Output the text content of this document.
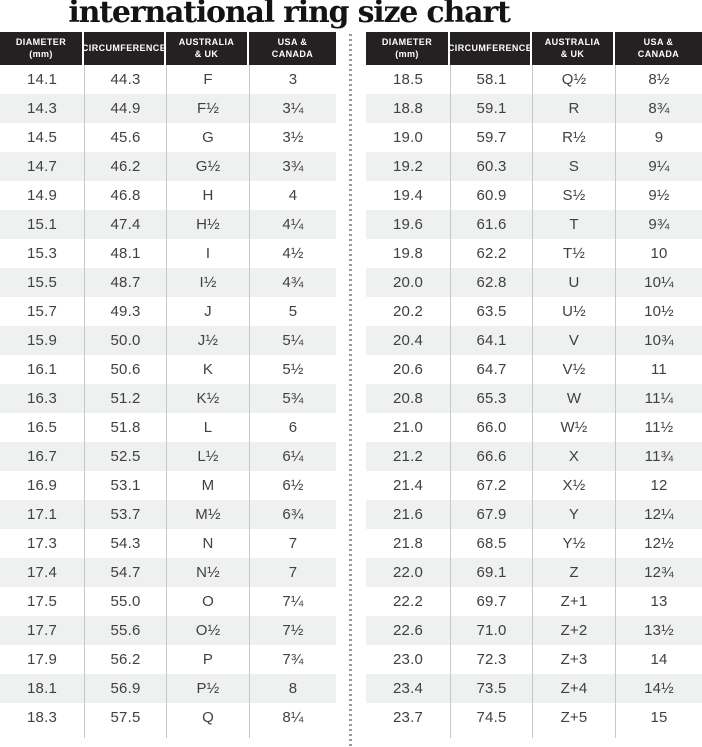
international ring size chart
DIAMETER
(mm)
CIRCUMFERENCE
AUSTRALIA
& UK
USA &
CANADA
14.1	44.3	F	3
14.3	44.9	F½	3¼
14.5	45.6	G	3½
14.7	46.2	G½	3¾
14.9	46.8	H	4
15.1	47.4	H½	4¼
15.3	48.1	I	4½
15.5	48.7	I½	4¾
15.7	49.3	J	5
15.9	50.0	J½	5¼
16.1	50.6	K	5½
16.3	51.2	K½	5¾
16.5	51.8	L	6
16.7	52.5	L½	6¼
16.9	53.1	M	6½
17.1	53.7	M½	6¾
17.3	54.3	N	7
17.4	54.7	N½	7
17.5	55.0	O	7¼
17.7	55.6	O½	7½
17.9	56.2	P	7¾
18.1	56.9	P½	8
18.3	57.5	Q	8¼
DIAMETER
(mm)
CIRCUMFERENCE
AUSTRALIA
& UK
USA &
CANADA
18.5	58.1	Q½	8½
18.8	59.1	R	8¾
19.0	59.7	R½	9
19.2	60.3	S	9¼
19.4	60.9	S½	9½
19.6	61.6	T	9¾
19.8	62.2	T½	10
20.0	62.8	U	10¼
20.2	63.5	U½	10½
20.4	64.1	V	10¾
20.6	64.7	V½	11
20.8	65.3	W	11¼
21.0	66.0	W½	11½
21.2	66.6	X	11¾
21.4	67.2	X½	12
21.6	67.9	Y	12¼
21.8	68.5	Y½	12½
22.0	69.1	Z	12¾
22.2	69.7	Z+1	13
22.6	71.0	Z+2	13½
23.0	72.3	Z+3	14
23.4	73.5	Z+4	14½
23.7	74.5	Z+5	15
